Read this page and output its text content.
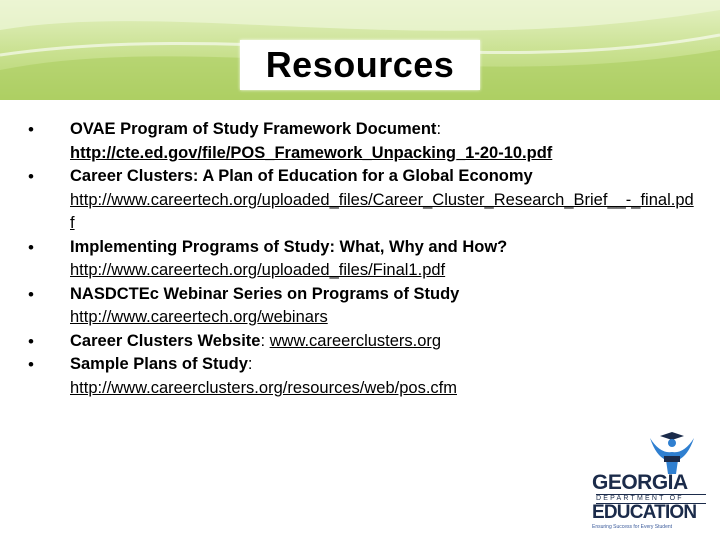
Resources
• OVAE Program of Study Framework Document:
http://cte.ed.gov/file/POS_Framework_Unpacking_1-20-10.pdf
• Career Clusters: A Plan of Education for a Global Economy
http://www.careertech.org/uploaded_files/Career_Cluster_Research_Brief__-_final.pdf
• Implementing Programs of Study: What, Why and How?
http://www.careertech.org/uploaded_files/Final1.pdf
• NASDCTEc Webinar Series on Programs of Study
http://www.careertech.org/webinars
• Career Clusters Website: www.careerclusters.org
• Sample Plans of Study:
http://www.careerclusters.org/resources/web/pos.cfm
GEORGIA
DEPARTMENT OF
EDUCATION
Ensuring Success for Every Student
